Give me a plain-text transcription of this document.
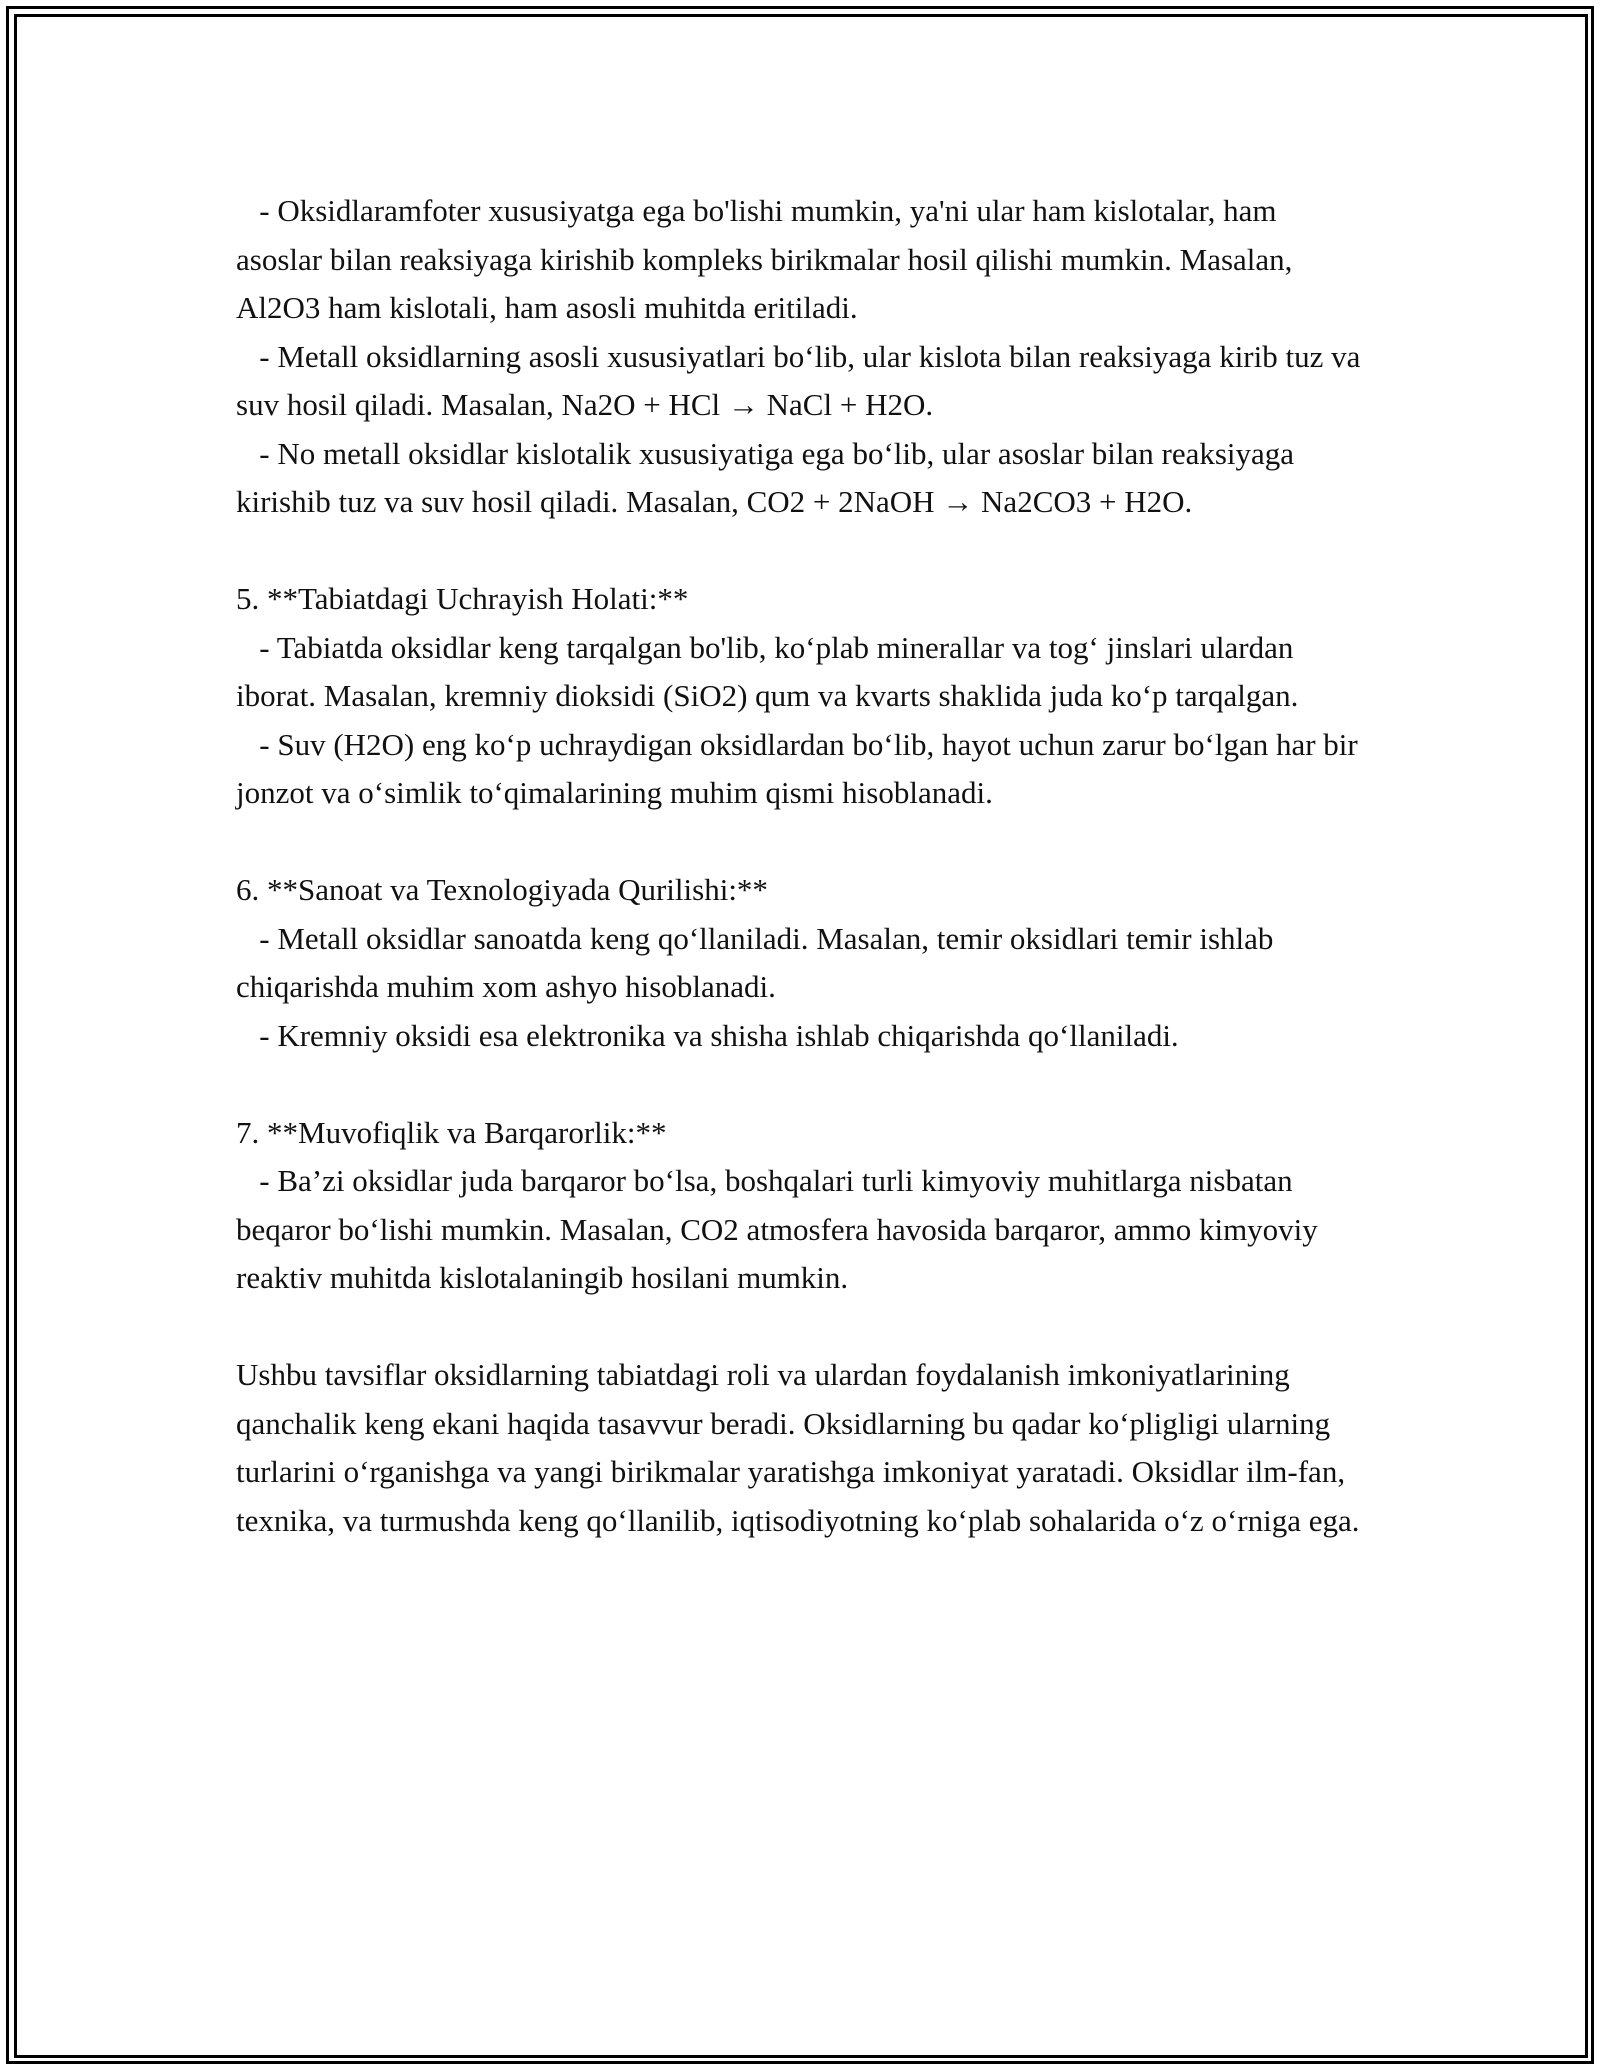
- Oksidlaramfoter xususiyatga ega bo'lishi mumkin, ya'ni ular ham kislotalar, ham asoslar bilan reaksiyaga kirishib kompleks birikmalar hosil qilishi mumkin. Masalan, Al2O3 ham kislotali, ham asosli muhitda eritiladi.

- Metall oksidlarning asosli xususiyatlari bo‘lib, ular kislota bilan reaksiyaga kirib tuz va suv hosil qiladi. Masalan, Na2O + HCl → NaCl + H2O.

- No metall oksidlar kislotalik xususiyatiga ega bo‘lib, ular asoslar bilan reaksiyaga kirishib tuz va suv hosil qiladi. Masalan, CO2 + 2NaOH → Na2CO3 + H2O.

5. **Tabiatdagi Uchrayish Holati:**

- Tabiatda oksidlar keng tarqalgan bo'lib, ko‘plab minerallar va tog‘ jinslari ulardan iborat. Masalan, kremniy dioksidi (SiO2) qum va kvarts shaklida juda ko‘p tarqalgan.

- Suv (H2O) eng ko‘p uchraydigan oksidlardan bo‘lib, hayot uchun zarur bo‘lgan har bir jonzot va o‘simlik to‘qimalarining muhim qismi hisoblanadi.

6. **Sanoat va Texnologiyada Qurilishi:**

- Metall oksidlar sanoatda keng qo‘llaniladi. Masalan, temir oksidlari temir ishlab chiqarishda muhim xom ashyo hisoblanadi.

- Kremniy oksidi esa elektronika va shisha ishlab chiqarishda qo‘llaniladi.

7. **Muvofiqlik va Barqarorlik:**

- Ba’zi oksidlar juda barqaror bo‘lsa, boshqalari turli kimyoviy muhitlarga nisbatan beqaror bo‘lishi mumkin. Masalan, CO2 atmosfera havosida barqaror, ammo kimyoviy reaktiv muhitda kislotalaningib hosilani mumkin.

Ushbu tavsiflar oksidlarning tabiatdagi roli va ulardan foydalanish imkoniyatlarining qanchalik keng ekani haqida tasavvur beradi. Oksidlarning bu qadar ko‘pligligi ularning turlarini o‘rganishga va yangi birikmalar yaratishga imkoniyat yaratadi. Oksidlar ilm-fan, texnika, va turmushda keng qo‘llanilib, iqtisodiyotning ko‘plab sohalarida o‘z o‘rniga ega.
